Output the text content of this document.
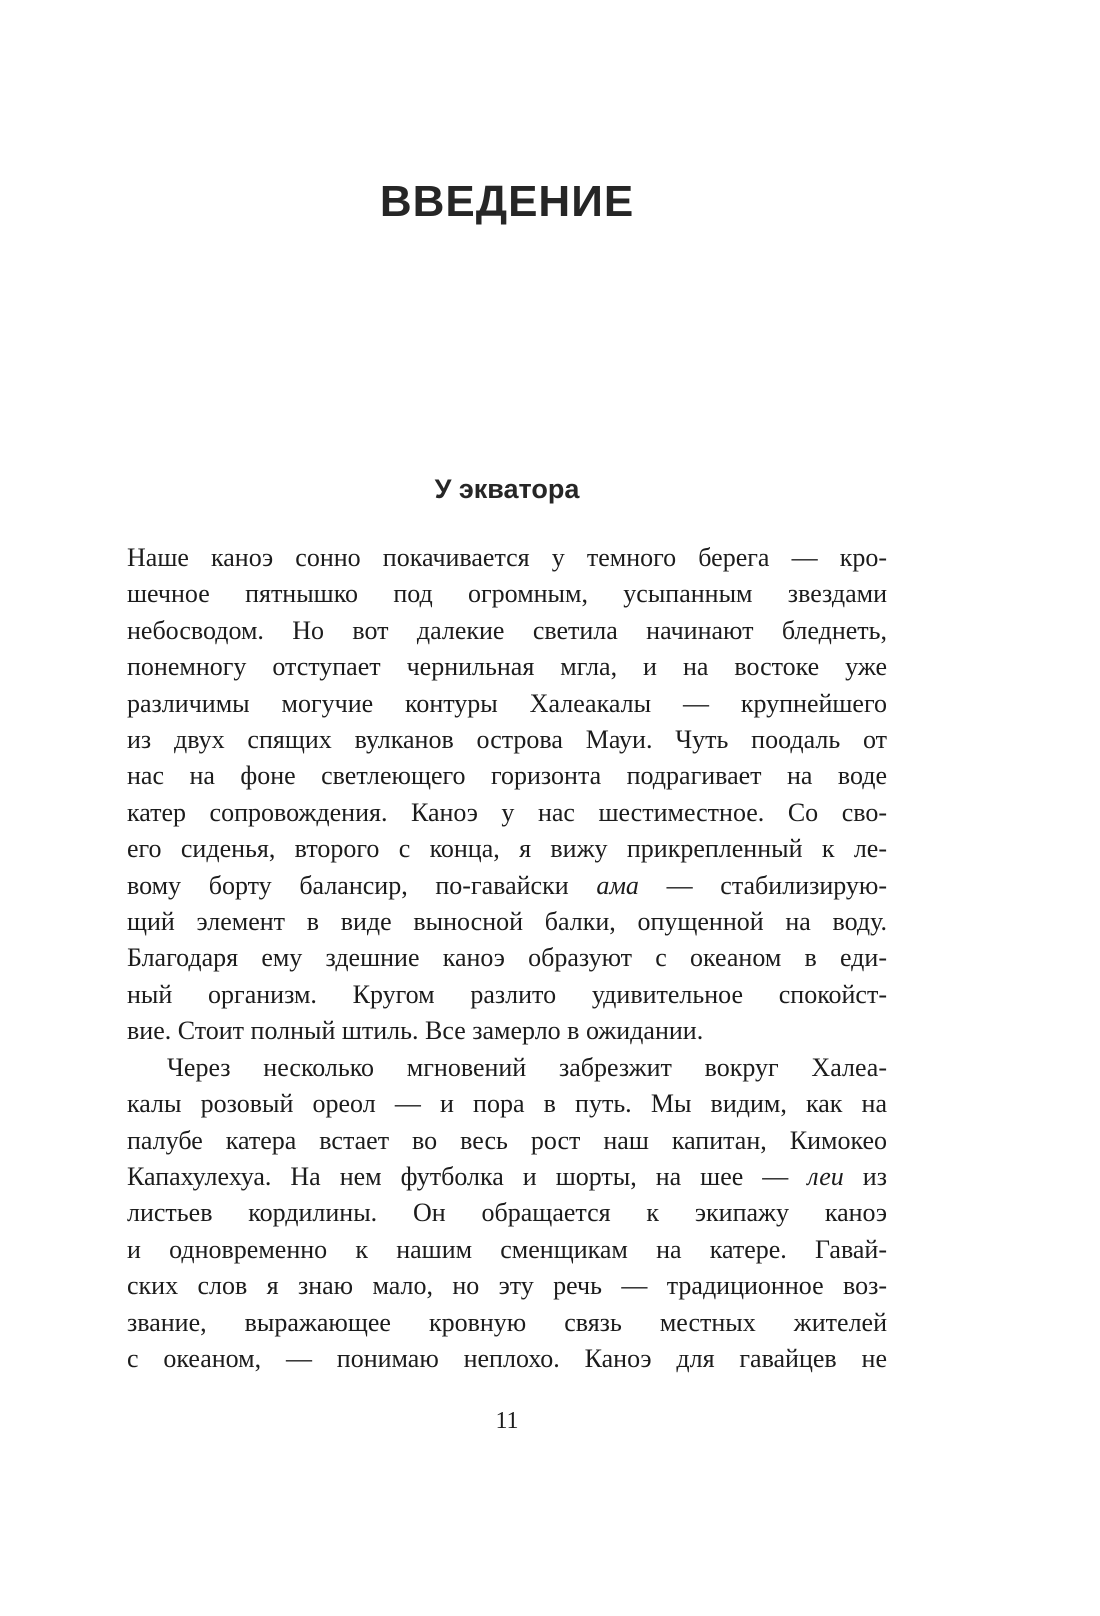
ВВЕДЕНИЕ
У экватора
Наше каноэ сонно покачивается у темного берега — кро-
шечное пятнышко под огромным, усыпанным звездами
небосводом. Но вот далекие светила начинают бледнеть,
понемногу отступает чернильная мгла, и на востоке уже
различимы могучие контуры Халеакалы — крупнейшего
из двух спящих вулканов острова Мауи. Чуть поодаль от
нас на фоне светлеющего горизонта подрагивает на воде
катер сопровождения. Каноэ у нас шестиместное. Со сво-
его сиденья, второго с конца, я вижу прикрепленный к ле-
вому борту балансир, по-гавайски ама — стабилизирую-
щий элемент в виде выносной балки, опущенной на воду.
Благодаря ему здешние каноэ образуют с океаном в еди-
ный организм. Кругом разлито удивительное спокойст-
вие. Стоит полный штиль. Все замерло в ожидании.
Через несколько мгновений забрезжит вокруг Халеа-
калы розовый ореол — и пора в путь. Мы видим, как на
палубе катера встает во весь рост наш капитан, Кимокео
Капахулехуа. На нем футболка и шорты, на шее — леи из
листьев кордилины. Он обращается к экипажу каноэ
и одновременно к нашим сменщикам на катере. Гавай-
ских слов я знаю мало, но эту речь — традиционное воз-
звание, выражающее кровную связь местных жителей
с океаном, — понимаю неплохо. Каноэ для гавайцев не
11
